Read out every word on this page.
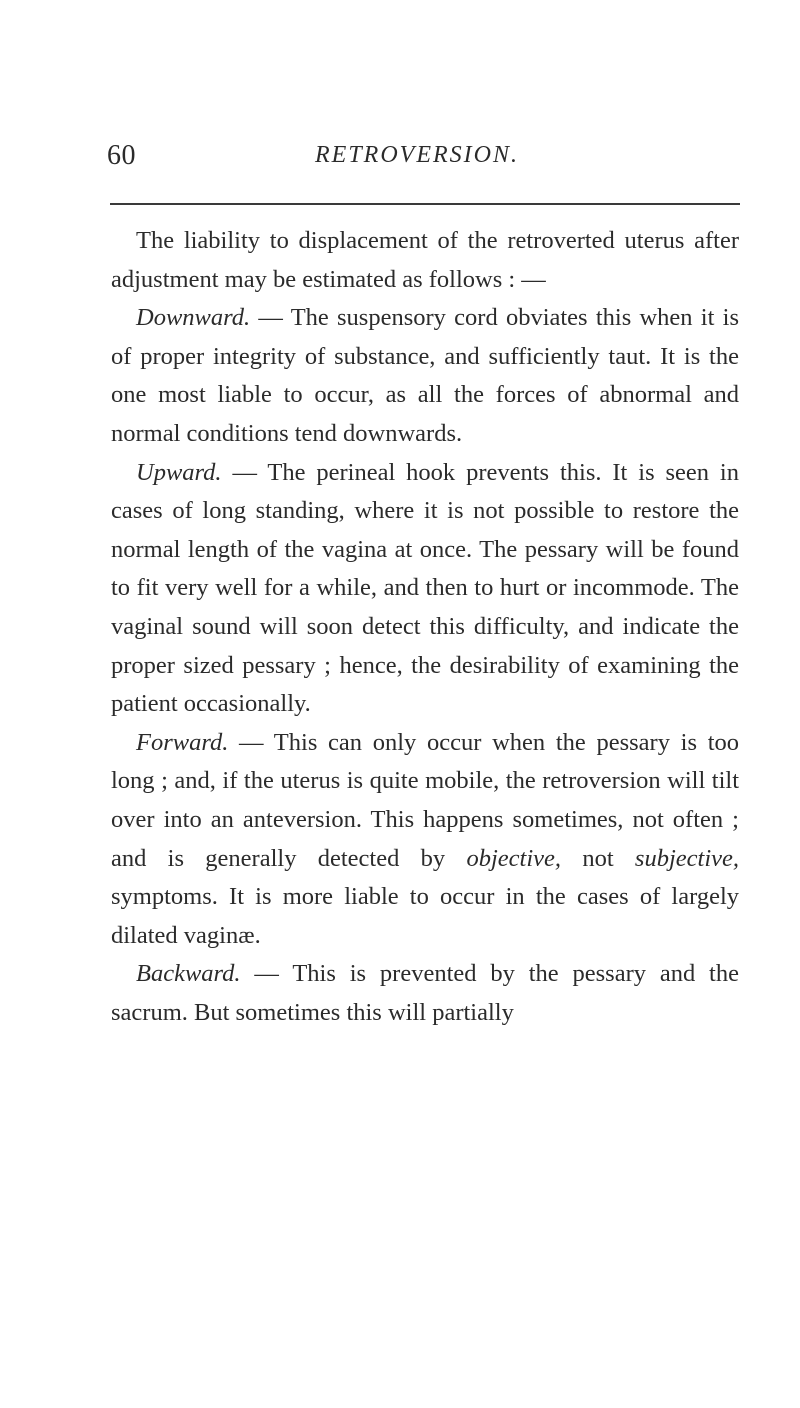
60	RETROVERSION.

The liability to displacement of the retroverted uterus after adjustment may be estimated as follows : —

Downward. — The suspensory cord obviates this when it is of proper integrity of substance, and sufficiently taut. It is the one most liable to occur, as all the forces of abnormal and normal conditions tend downwards.

Upward. — The perineal hook prevents this. It is seen in cases of long standing, where it is not possible to restore the normal length of the vagina at once. The pessary will be found to fit very well for a while, and then to hurt or incommode. The vaginal sound will soon detect this difficulty, and indicate the proper sized pessary ; hence, the desirability of examining the patient occasionally.

Forward. — This can only occur when the pessary is too long ; and, if the uterus is quite mobile, the retroversion will tilt over into an anteversion. This happens sometimes, not often ; and is generally detected by objective, not subjective, symptoms. It is more liable to occur in the cases of largely dilated vaginæ.

Backward. — This is prevented by the pessary and the sacrum. But sometimes this will partially
